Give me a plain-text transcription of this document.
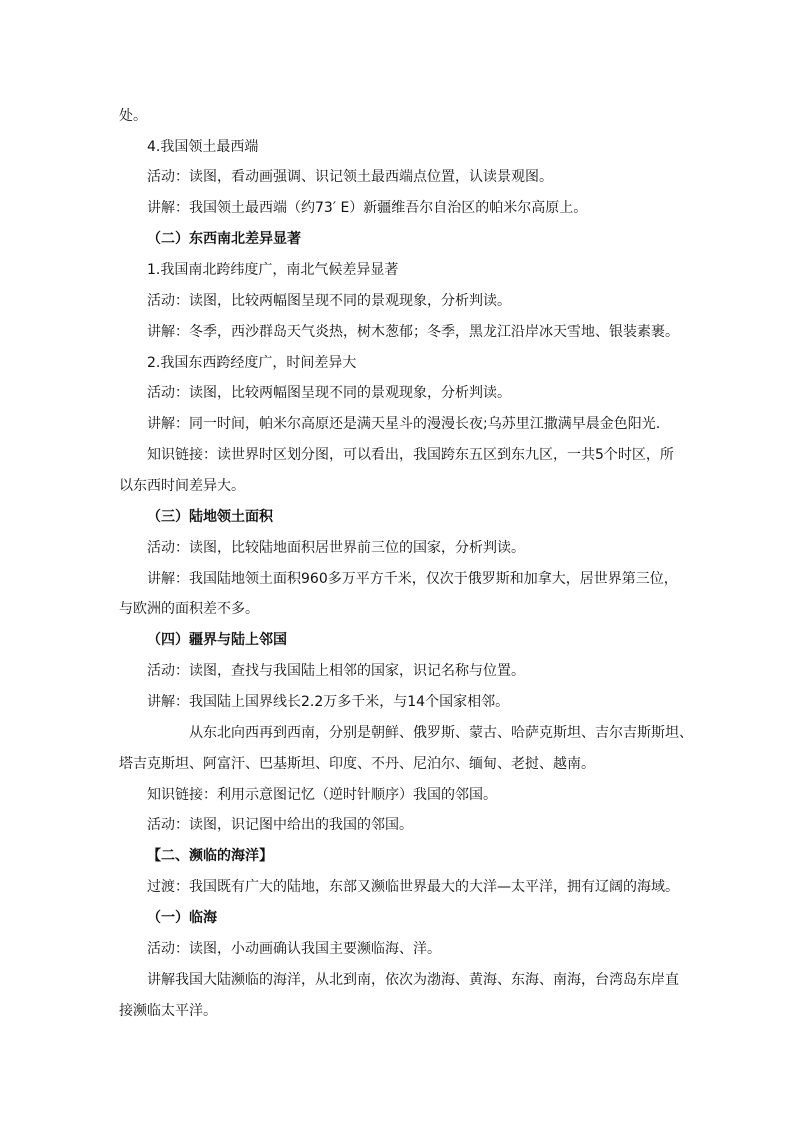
处。
4.我国领土最西端
活动：读图，看动画强调、识记领土最西端点位置，认读景观图。
讲解：我国领土最西端（约73′ E）新疆维吾尔自治区的帕米尔高原上。
（二）东西南北差异显著
1.我国南北跨纬度广，南北气候差异显著
活动：读图，比较两幅图呈现不同的景观现象，分析判读。
讲解：冬季，西沙群岛天气炎热，树木葱郁；冬季，黑龙江沿岸冰天雪地、银装素裹。
2.我国东西跨经度广，时间差异大
活动：读图，比较两幅图呈现不同的景观现象，分析判读。
讲解：同一时间，帕米尔高原还是满天星斗的漫漫长夜;乌苏里江撒满早晨金色阳光.
知识链接：读世界时区划分图，可以看出，我国跨东五区到东九区，一共5个时区，所
以东西时间差异大。
（三）陆地领土面积
活动：读图，比较陆地面积居世界前三位的国家，分析判读。
讲解：我国陆地领土面积960多万平方千米，仅次于俄罗斯和加拿大，居世界第三位，
与欧洲的面积差不多。
（四）疆界与陆上邻国
活动：读图，查找与我国陆上相邻的国家，识记名称与位置。
讲解：我国陆上国界线长2.2万多千米，与14个国家相邻。
从东北向西再到西南，分别是朝鲜、俄罗斯、蒙古、哈萨克斯坦、吉尔吉斯斯坦、
塔吉克斯坦、阿富汗、巴基斯坦、印度、不丹、尼泊尔、缅甸、老挝、越南。
知识链接：利用示意图记忆（逆时针顺序）我国的邻国。
活动：读图，识记图中给出的我国的邻国。
【二、濒临的海洋】
过渡：我国既有广大的陆地，东部又濒临世界最大的大洋—太平洋，拥有辽阔的海域。
（一）临海
活动：读图，小动画确认我国主要濒临海、洋。
讲解我国大陆濒临的海洋，从北到南，依次为渤海、黄海、东海、南海，台湾岛东岸直
接濒临太平洋。
